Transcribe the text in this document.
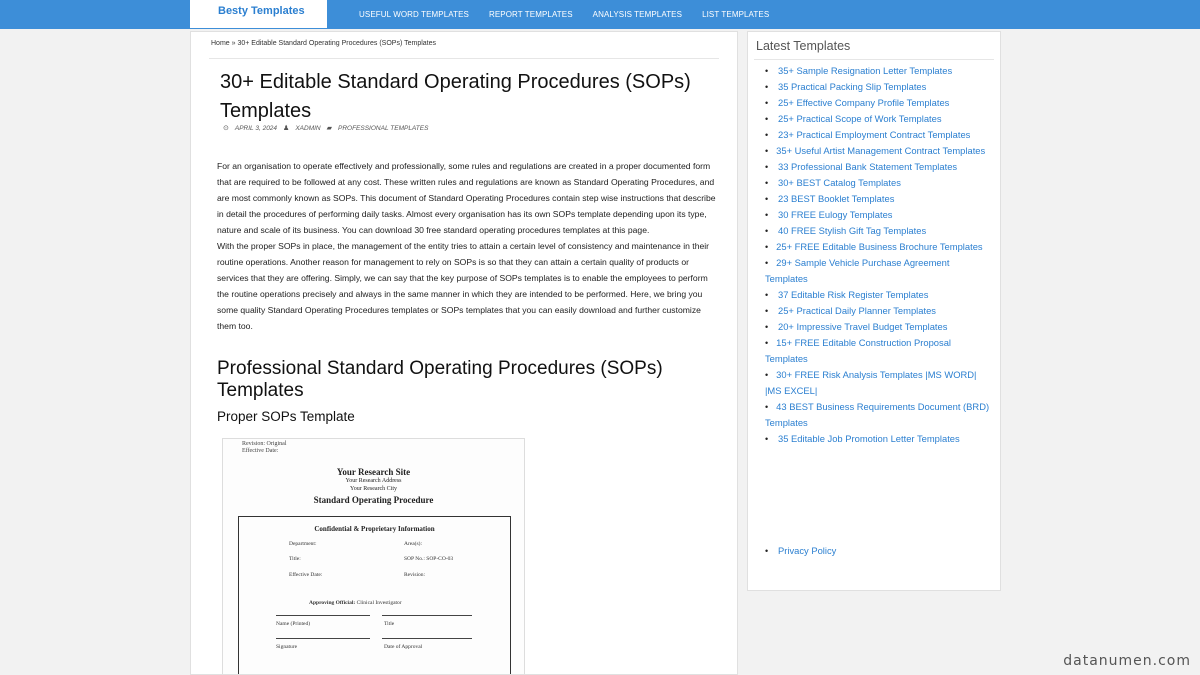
Besty Templates	USEFUL WORD TEMPLATES	REPORT TEMPLATES	ANALYSIS TEMPLATES	LIST TEMPLATES
Home » 30+ Editable Standard Operating Procedures (SOPs) Templates
30+ Editable Standard Operating Procedures (SOPs) Templates
⊙ APRIL 3, 2024 ♟ XADMIN ▰ PROFESSIONAL TEMPLATES

For an organisation to operate effectively and professionally, some rules and regulations are created in a proper documented form that are required to be followed at any cost. These written rules and regulations are known as Standard Operating Procedures, and are most commonly known as SOPs. This document of Standard Operating Procedures contain step wise instructions that describe in detail the procedures of performing daily tasks. Almost every organisation has its own SOPs template depending upon its type, nature and scale of its business. You can download 30 free standard operating procedures templates at this page.

With the proper SOPs in place, the management of the entity tries to attain a certain level of consistency and maintenance in their routine operations. Another reason for management to rely on SOPs is so that they can attain a certain quality of products or services that they are offering. Simply, we can say that the key purpose of SOPs templates is to enable the employees to perform the routine operations precisely and always in the same manner in which they are intended to be performed. Here, we bring you some quality Standard Operating Procedures templates or SOPs templates that you can easily download and further customize them too.

Professional Standard Operating Procedures (SOPs) Templates
Proper SOPs Template
Revision: Original
Effective Date:
Your Research Site
Your Research Address
Your Research City
Standard Operating Procedure
Confidential & Proprietary Information
Department:	Area(s):
Title:	SOP No.: SOP-CO-03
Effective Date:	Revision:
Approving Official: Clinical Investigator
Name (Printed)	Title
Signature	Date of Approval
Latest Templates
• 35+ Sample Resignation Letter Templates
• 35 Practical Packing Slip Templates
• 25+ Effective Company Profile Templates
• 25+ Practical Scope of Work Templates
• 23+ Practical Employment Contract Templates
• 35+ Useful Artist Management Contract Templates
• 33 Professional Bank Statement Templates
• 30+ BEST Catalog Templates
• 23 BEST Booklet Templates
• 30 FREE Eulogy Templates
• 40 FREE Stylish Gift Tag Templates
• 25+ FREE Editable Business Brochure Templates
• 29+ Sample Vehicle Purchase Agreement Templates
• 37 Editable Risk Register Templates
• 25+ Practical Daily Planner Templates
• 20+ Impressive Travel Budget Templates
• 15+ FREE Editable Construction Proposal Templates
• 30+ FREE Risk Analysis Templates |MS WORD| |MS EXCEL|
• 43 BEST Business Requirements Document (BRD) Templates
• 35 Editable Job Promotion Letter Templates
• Privacy Policy
datanumen.com
